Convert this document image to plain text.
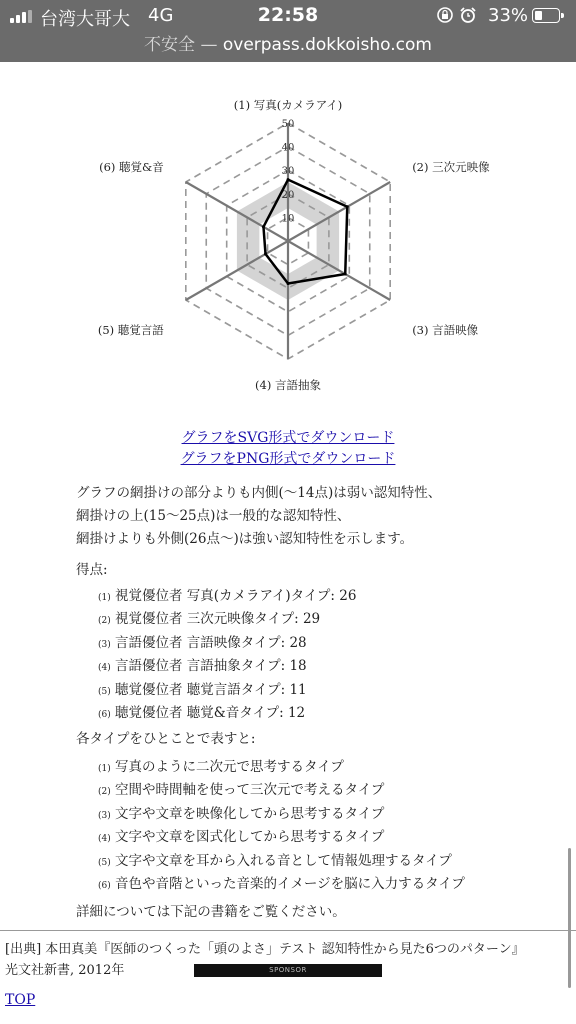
台湾大哥大 4G	22:58	33%
不安全 — overpass.dokkoisho.com
10
20
30
40
50
(1) 写真(カメラアイ)
(2) 三次元映像
(3) 言語映像
(4) 言語抽象
(5) 聴覚言語
(6) 聴覚&音
グラフをSVG形式でダウンロード
グラフをPNG形式でダウンロード
グラフの網掛けの部分よりも内側(〜14点)は弱い認知特性、
網掛けの上(15〜25点)は一般的な認知特性、
網掛けよりも外側(26点〜)は強い認知特性を示します。
得点:
(1) 視覚優位者 写真(カメラアイ)タイプ: 26
(2) 視覚優位者 三次元映像タイプ: 29
(3) 言語優位者 言語映像タイプ: 28
(4) 言語優位者 言語抽象タイプ: 18
(5) 聴覚優位者 聴覚言語タイプ: 11
(6) 聴覚優位者 聴覚&音タイプ: 12
各タイプをひとことで表すと:
(1) 写真のように二次元で思考するタイプ
(2) 空間や時間軸を使って三次元で考えるタイプ
(3) 文字や文章を映像化してから思考するタイプ
(4) 文字や文章を図式化してから思考するタイプ
(5) 文字や文章を耳から入れる音として情報処理するタイプ
(6) 音色や音階といった音楽的イメージを脳に入力するタイプ
詳細については下記の書籍をご覧ください。
[出典] 本田真美『医師のつくった「頭のよさ」テスト 認知特性から見た6つのパターン』
光文社新書, 2012年	SPONSOR
TOP
